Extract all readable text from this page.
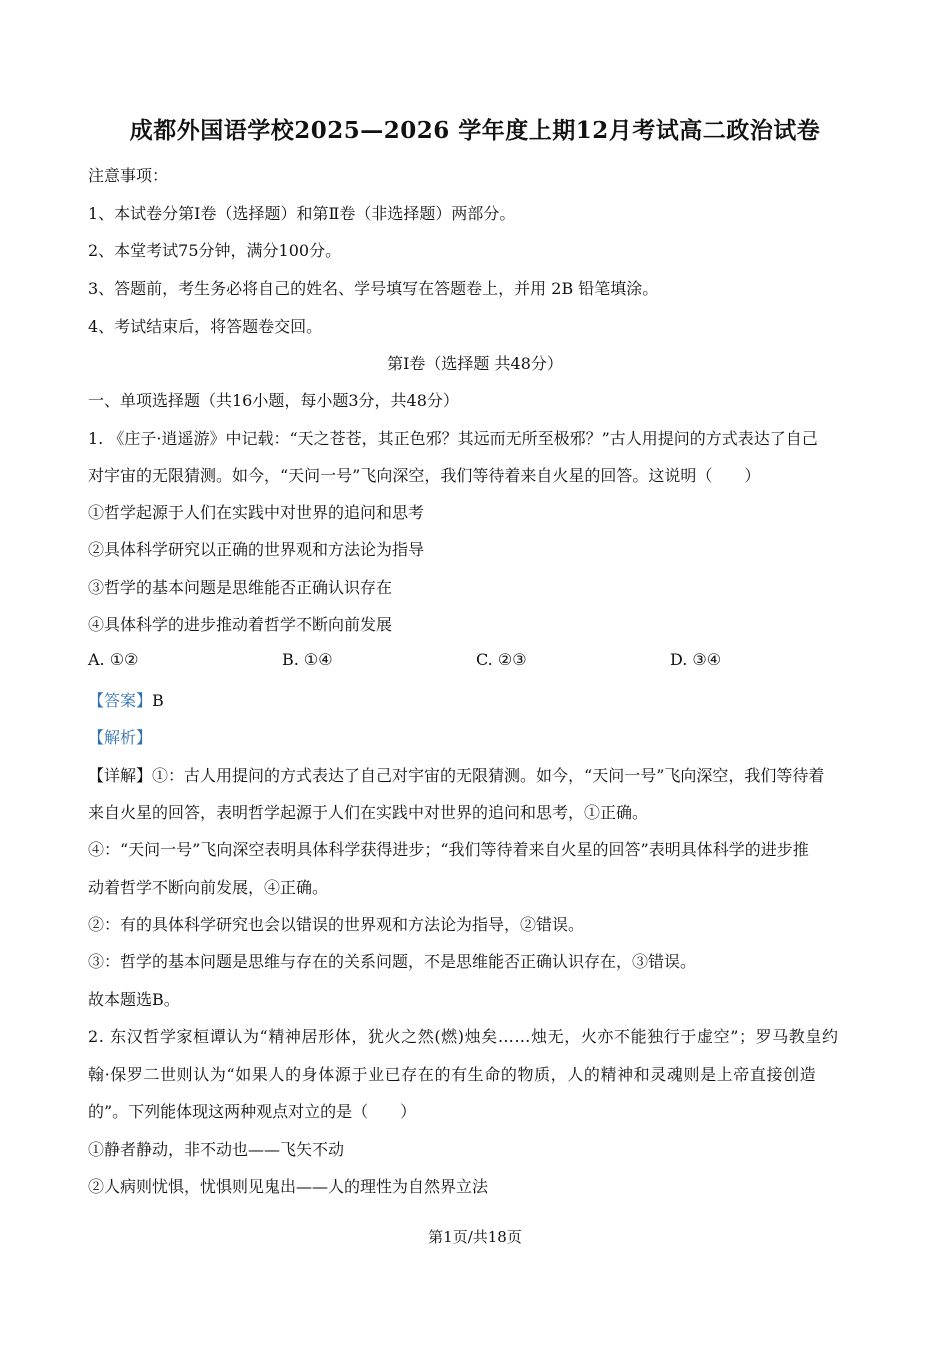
成都外国语学校2025—2026 学年度上期12月考试高二政治试卷
注意事项：
1、本试卷分第Ⅰ卷（选择题）和第Ⅱ卷（非选择题）两部分。
2、本堂考试75分钟，满分100分。
3、答题前，考生务必将自己的姓名、学号填写在答题卷上，并用 2B 铅笔填涂。
4、考试结束后，将答题卷交回。
第Ⅰ卷（选择题 共48分）
一、单项选择题（共16小题，每小题3分，共48分）
1. 《庄子·逍遥游》中记载：“天之苍苍，其正色邪？其远而无所至极邪？”古人用提问的方式表达了自己
对宇宙的无限猜测。如今，“天问一号”飞向深空，我们等待着来自火星的回答。这说明（　　）
①哲学起源于人们在实践中对世界的追问和思考
②具体科学研究以正确的世界观和方法论为指导
③哲学的基本问题是思维能否正确认识存在
④具体科学的进步推动着哲学不断向前发展
A. ①②	B. ①④	C. ②③	D. ③④
【答案】B
【解析】
【详解】①：古人用提问的方式表达了自己对宇宙的无限猜测。如今，“天问一号”飞向深空，我们等待着
来自火星的回答，表明哲学起源于人们在实践中对世界的追问和思考，①正确。
④：“天问一号”飞向深空表明具体科学获得进步；“我们等待着来自火星的回答”表明具体科学的进步推
动着哲学不断向前发展，④正确。
②：有的具体科学研究也会以错误的世界观和方法论为指导，②错误。
③：哲学的基本问题是思维与存在的关系问题，不是思维能否正确认识存在，③错误。
故本题选B。
2. 东汉哲学家桓谭认为“精神居形体，犹火之然(燃)烛矣……烛无，火亦不能独行于虚空”；罗马教皇约
翰·保罗二世则认为“如果人的身体源于业已存在的有生命的物质，人的精神和灵魂则是上帝直接创造
的”。下列能体现这两种观点对立的是（　　）
①静者静动，非不动也——飞矢不动
②人病则忧惧，忧惧则见鬼出——人的理性为自然界立法
第1页/共18页
